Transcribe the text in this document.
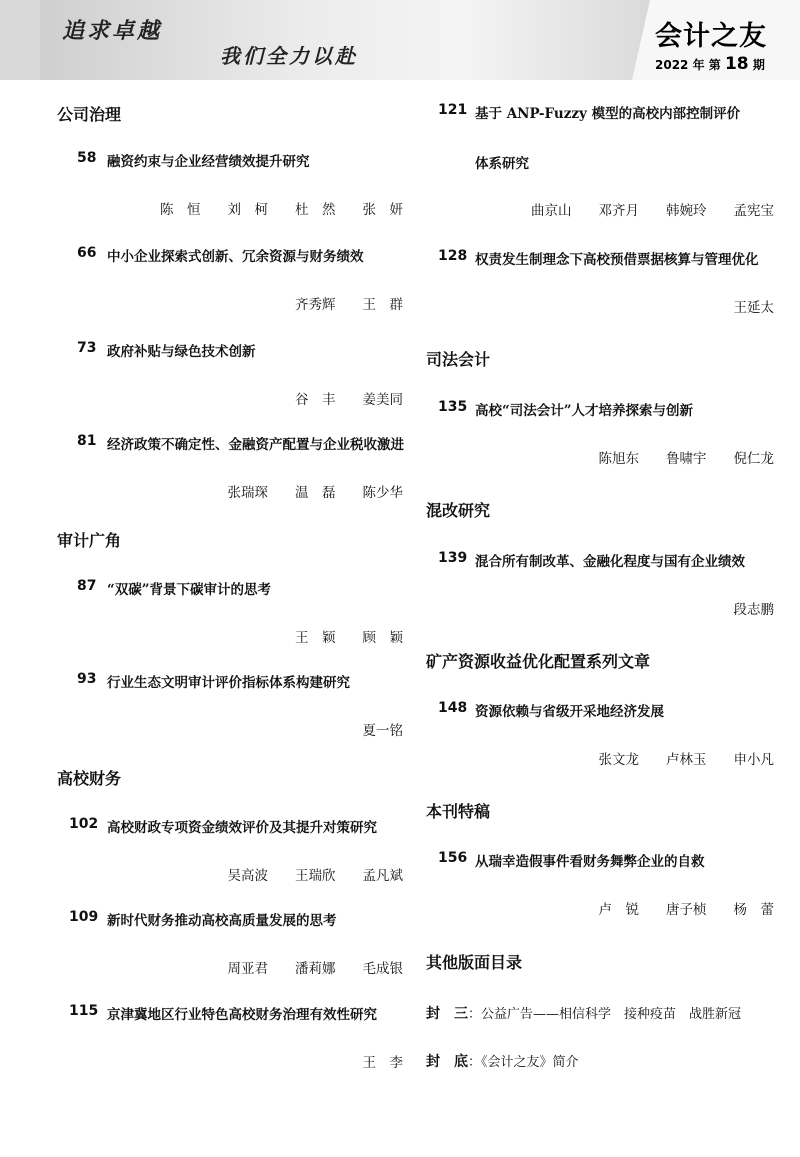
追求卓越
我们全力以赴
会计之友
2022 年 第 18 期
公司治理
58 融资约束与企业经营绩效提升研究
陈　恒　　刘　柯　　杜　然　　张　妍
66 中小企业探索式创新、冗余资源与财务绩效
齐秀辉　　王　群
73 政府补贴与绿色技术创新
谷　丰　　姜美同
81 经济政策不确定性、金融资产配置与企业税收激进
张瑞琛　　温　磊　　陈少华
审计广角
87 “双碳”背景下碳审计的思考
王　颖　　顾　颖
93 行业生态文明审计评价指标体系构建研究
夏一铭
高校财务
102 高校财政专项资金绩效评价及其提升对策研究
吴高波　　王瑞欣　　孟凡斌
109 新时代财务推动高校高质量发展的思考
周亚君　　潘莉娜　　毛成银
115 京津冀地区行业特色高校财务治理有效性研究
王　李
121 基于 ANP-Fuzzy 模型的高校内部控制评价
体系研究
曲京山　　邓齐月　　韩婉玲　　孟宪宝
128 权责发生制理念下高校预借票据核算与管理优化
王延太
司法会计
135 高校“司法会计”人才培养探索与创新
陈旭东　　鲁啸宇　　倪仁龙
混改研究
139 混合所有制改革、金融化程度与国有企业绩效
段志鹏
矿产资源收益优化配置系列文章
148 资源依赖与省级开采地经济发展
张文龙　　卢林玉　　申小凡
本刊特稿
156 从瑞幸造假事件看财务舞弊企业的自救
卢　锐　　唐子桢　　杨　蕾
其他版面目录
封　三：公益广告——相信科学　接种疫苗　战胜新冠
封　底：《会计之友》简介
